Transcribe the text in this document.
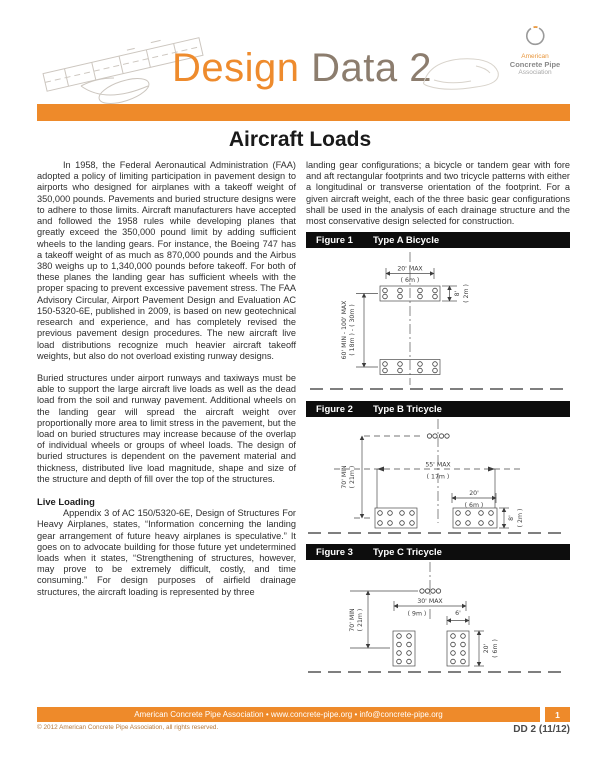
Design Data 2	American
Concrete Pipe
Association
Aircraft Loads

In 1958, the Federal Aeronautical Administration (FAA) adopted a policy of limiting participation in pavement design to airports who designed for airplanes with a takeoff weight of 350,000 pounds. Pavements and buried structure designs were to adhere to those limits. Aircraft manufacturers have accepted and followed the 1958 rules while developing planes that greatly exceed the 350,000 pound limit by adding sufficient wheels to the landing gears. For instance, the Boeing 747 has a takeoff weight of as much as 870,000 pounds and the Airbus 380 weighs up to 1,340,000 pounds before takeoff. For both of these planes the landing gear has sufficient wheels with the proper spacing to prevent excessive pavement stress. The FAA Advisory Circular, Airport Pavement Design and Evaluation AC 150-5320-6E, published in 2009, is based on new geotechnical research and experience, and has completely revised the previous pavement design procedures. The new aircraft live load distributions recognize much heavier aircraft takeoff weights, but also do not overload existing runway designs.

Buried structures under airport runways and taxiways must be able to support the large aircraft live loads as well as the dead load from the soil and runway pavement. Additional wheels on the landing gear will spread the aircraft weight over proportionally more area to limit stress in the pavement, but the load on buried structures may increase because of the overlap of individual wheels or groups of wheel loads. The design of buried structures is dependent on the pavement material and thickness, distributed live load magnitude, shape and size of the structure and depth of fill over the top of the structures.

Live Loading

Appendix 3 of AC 150/5320-6E, Design of Structures For Heavy Airplanes, states, “Information concerning the landing gear arrangement of future heavy airplanes is speculative.” It goes on to advocate building for those future yet undetermined loads when it states, “Strengthening of structures, however, may prove to be extremely difficult, costly, and time consuming.” For design purposes of airfield drainage structures, the aircraft loading is represented by three

landing gear configurations; a bicycle or tandem gear with fore and aft rectangular footprints and two tricycle patterns with either a longitudinal or transverse orientation of the footprint. For a given aircraft weight, each of the three basic gear configurations shall be used in the analysis of each drainage structure and the most conservative design selected for construction.

Figure 1 Type A Bicycle
20' MAX
( 6m )
8' ( 2m )
60' MIN - 100' MAX ( 18m ) - ( 30m )
Figure 2 Type B Tricycle
70' MIN ( 21m )
55' MAX
( 17m )
20'
( 6m )
8' ( 2m )
Figure 3 Type C Tricycle
30' MAX
( 9m )
70' MIN ( 21m )	6'
20' ( 6m )
American Concrete Pipe Association • www.concrete-pipe.org • info@concrete-pipe.org	1
© 2012 American Concrete Pipe Association, all rights reserved.	DD 2 (11/12)
